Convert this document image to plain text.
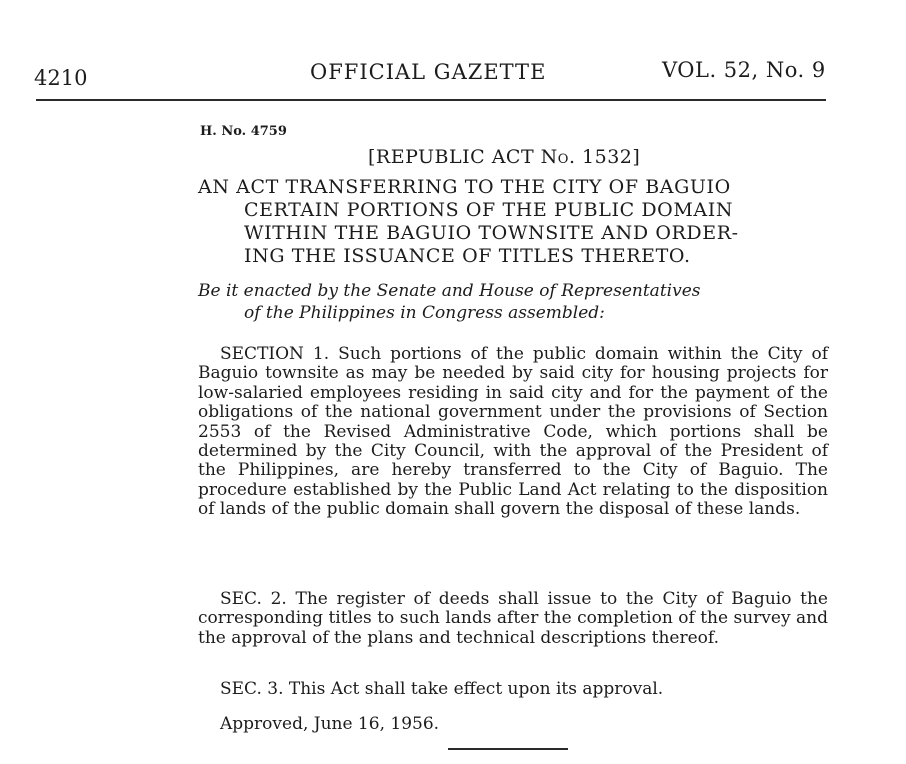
4210	OFFICIAL GAZETTE	VOL. 52, No. 9
H. No. 4759
[REPUBLIC ACT No. 1532]
AN ACT TRANSFERRING TO THE CITY OF BAGUIO
CERTAIN PORTIONS OF THE PUBLIC DOMAIN
WITHIN THE BAGUIO TOWNSITE AND ORDER-
ING THE ISSUANCE OF TITLES THERETO.
Be it enacted by the Senate and House of Representatives
of the Philippines in Congress assembled:

SECTION 1. Such portions of the public domain within the City of Baguio townsite as may be needed by said city for housing projects for low-salaried employees residing in said city and for the payment of the obligations of the national government under the provisions of Section 2553 of the Revised Administrative Code, which portions shall be determined by the City Council, with the approval of the President of the Philippines, are hereby transferred to the City of Baguio. The procedure established by the Public Land Act relating to the disposition of lands of the public domain shall govern the disposal of these lands.

SEC. 2. The register of deeds shall issue to the City of Baguio the corresponding titles to such lands after the completion of the survey and the approval of the plans and technical descriptions thereof.

SEC. 3. This Act shall take effect upon its approval.

Approved, June 16, 1956.
